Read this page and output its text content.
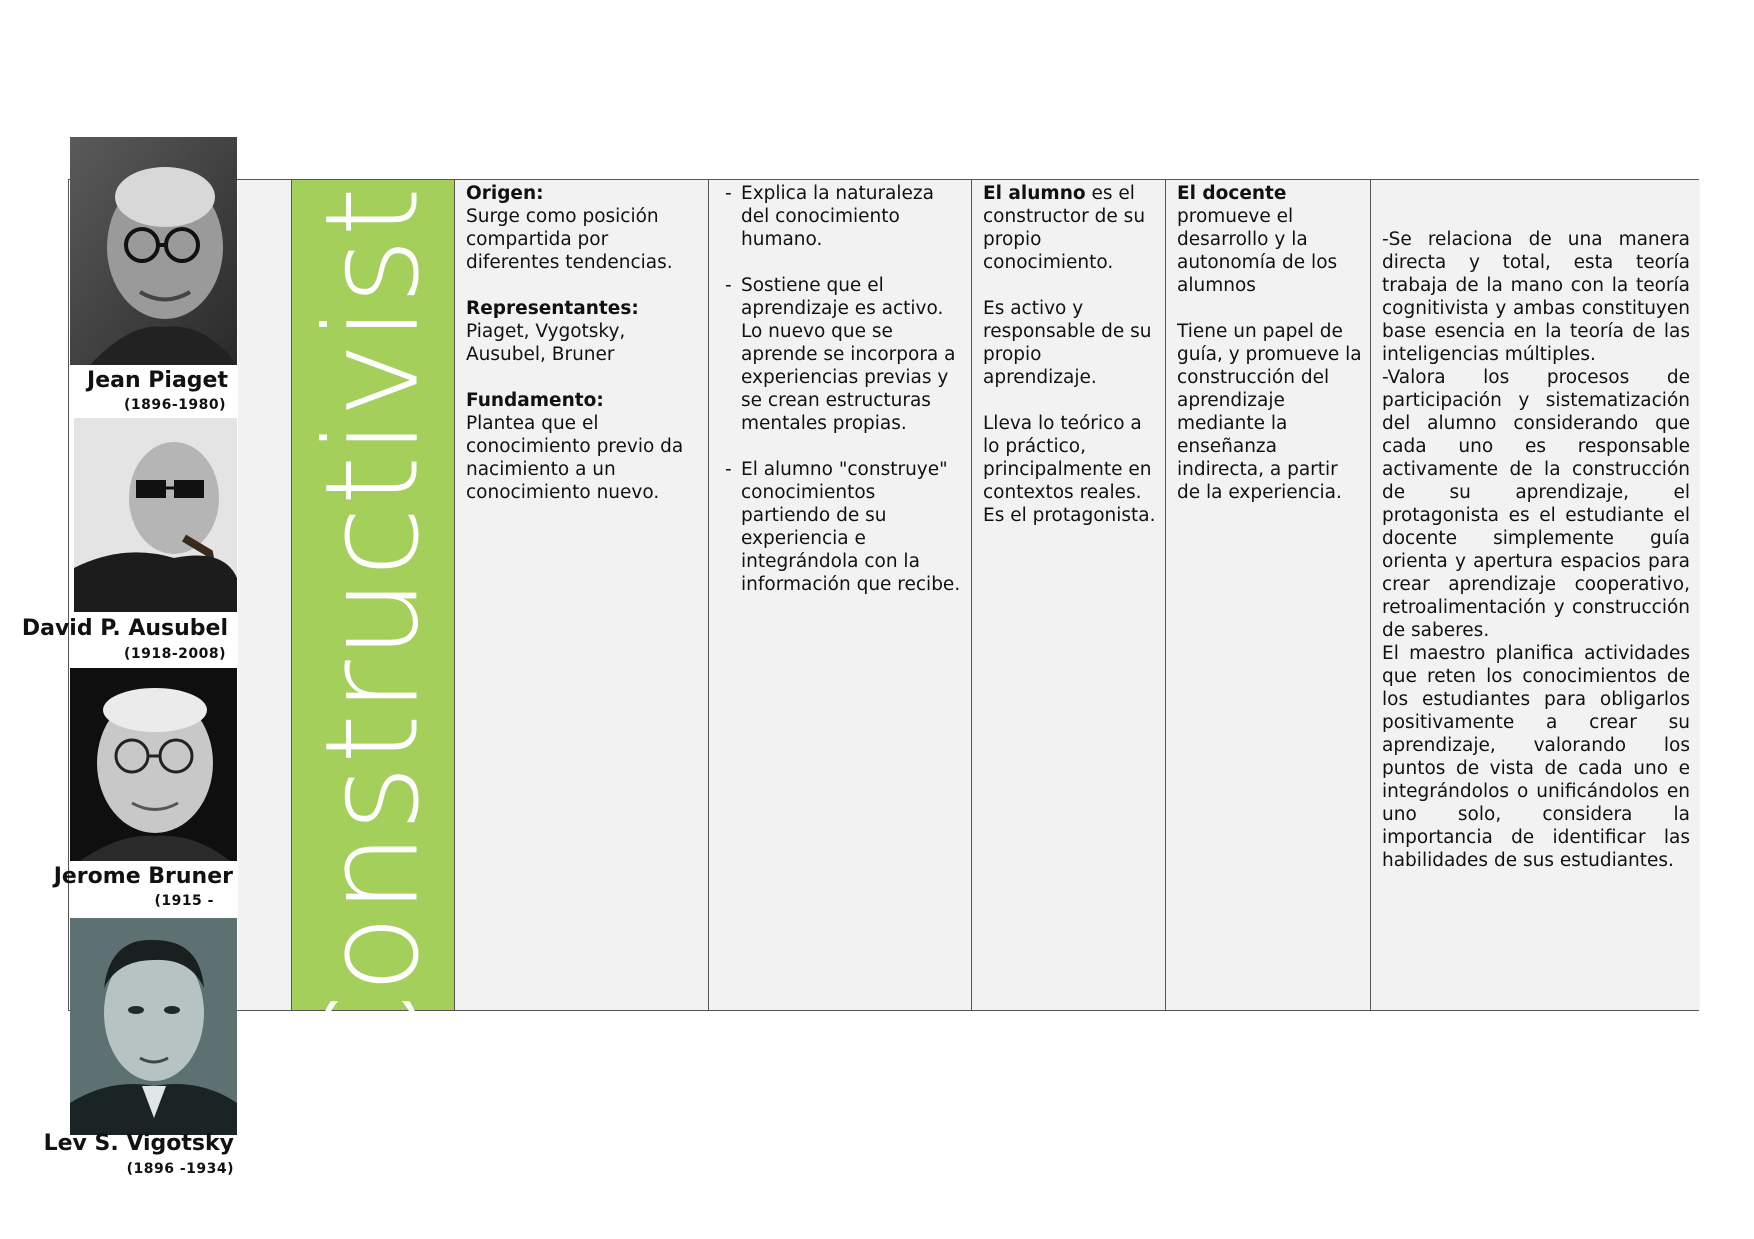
Constructivista Origen:

Surge como posición compartida por diferentes tendencias.

Representantes:

Piaget, Vygotsky, Ausubel, Bruner

Fundamento:

Plantea que el conocimiento previo da nacimiento a un conocimiento nuevo.

- Explica la naturaleza del conocimiento humano.
- Sostiene que el aprendizaje es activo. Lo nuevo que se aprende se incorpora a experiencias previas y se crean estructuras mentales propias.
- El alumno "construye" conocimientos partiendo de su experiencia e integrándola con la información que recibe.

El alumno es el constructor de su propio conocimiento.

Es activo y responsable de su propio aprendizaje.

Lleva lo teórico a lo práctico, principalmente en contextos reales. Es el protagonista.

El docente promueve el desarrollo y la autonomía de los alumnos

Tiene un papel de guía, y promueve la construcción del aprendizaje mediante la enseñanza indirecta, a partir de la experiencia.

-Se relaciona de una manera directa y total, esta teoría trabaja de la mano con la teoría cognitivista y ambas constituyen base esencia en la teoría de las inteligencias múltiples.

-Valora los procesos de participación y sistematización del alumno considerando que cada uno es responsable activamente de la construcción de su aprendizaje, el protagonista es el estudiante el docente simplemente guía orienta y apertura espacios para crear aprendizaje cooperativo, retroalimentación y construcción de saberes.

El maestro planifica actividades que reten los conocimientos de los estudiantes para obligarlos positivamente a crear su aprendizaje, valorando los puntos de vista de cada uno e integrándolos o unificándolos en uno solo, considera la importancia de identificar las habilidades de sus estudiantes.

Jean Piaget
(1896-1980)
David P. Ausubel
(1918-2008)
Jerome Bruner
(1915 -
Lev S. Vigotsky
(1896 -1934)
